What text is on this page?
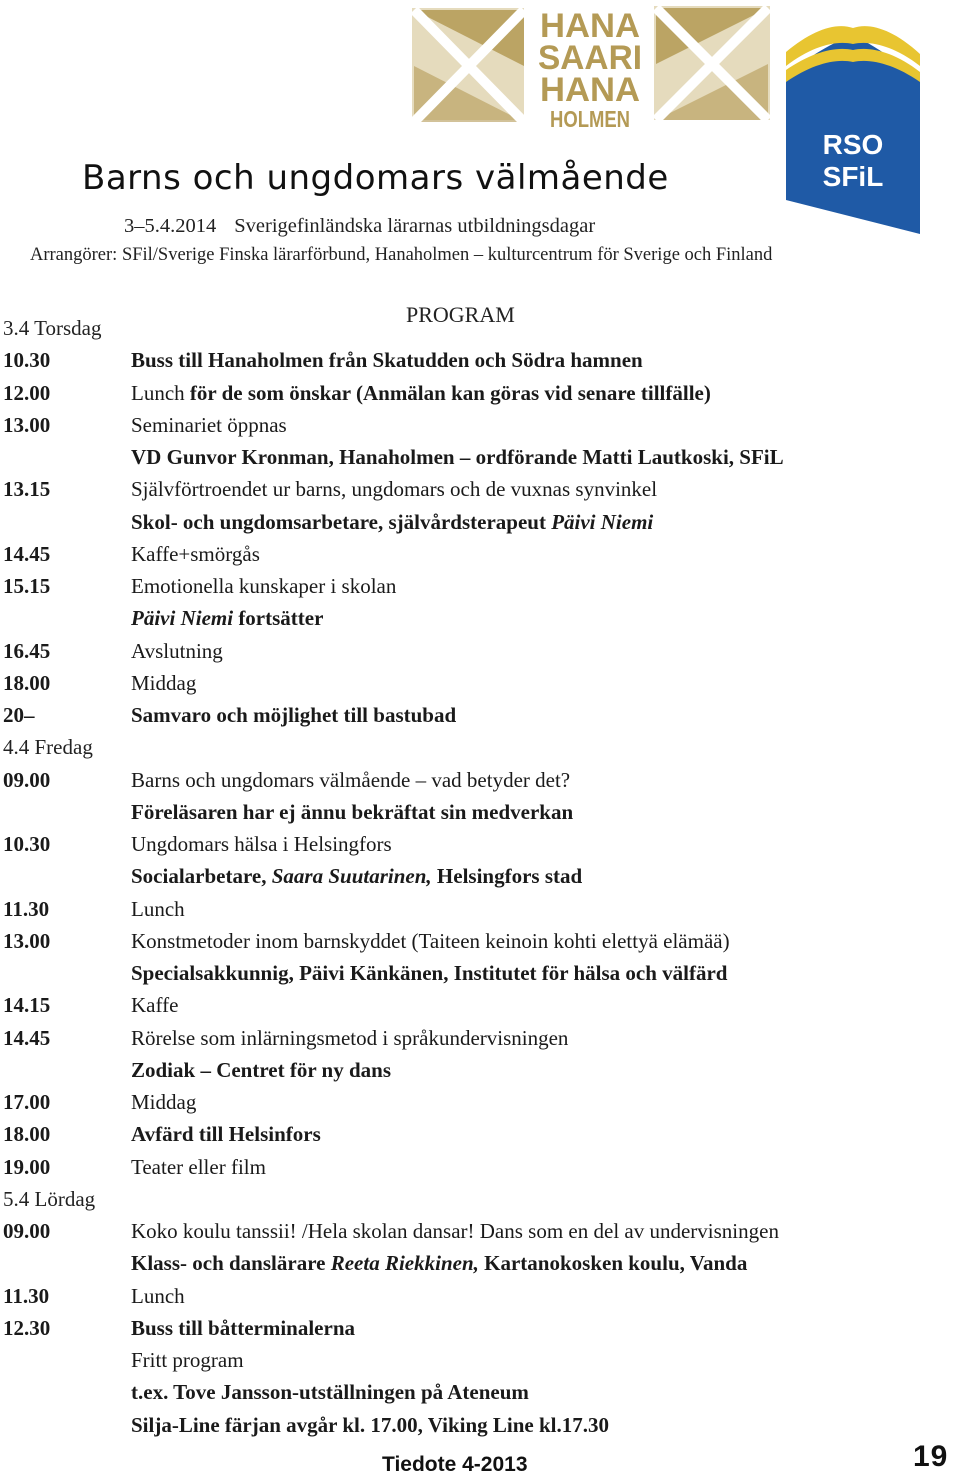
HANA
SAARI
HANA
HOLMEN
RSO
SFiL
Barns och ungdomars välmående
3–5.4.2014 Sverigefinländska lärarnas utbildningsdagar
Arrangörer: SFil/Sverige Finska lärarförbund, Hanaholmen – kulturcentrum för Sverige och Finland
PROGRAM
3.4 Torsdag
10.30	Buss till Hanaholmen från Skatudden och Södra hamnen
12.00	Lunch för de som önskar (Anmälan kan göras vid senare tillfälle)
13.00	Seminariet öppnas
VD Gunvor Kronman, Hanaholmen – ordförande Matti Lautkoski, SFiL
13.15	Självförtroendet ur barns, ungdomars och de vuxnas synvinkel
Skol- och ungdomsarbetare, självårdsterapeut Päivi Niemi
14.45	Kaffe+smörgås
15.15	Emotionella kunskaper i skolan
Päivi Niemi fortsätter
16.45	Avslutning
18.00	Middag
20–	Samvaro och möjlighet till bastubad
4.4 Fredag
09.00	Barns och ungdomars välmående – vad betyder det?
Föreläsaren har ej ännu bekräftat sin medverkan
10.30	Ungdomars hälsa i Helsingfors
Socialarbetare, Saara Suutarinen, Helsingfors stad
11.30	Lunch
13.00	Konstmetoder inom barnskyddet (Taiteen keinoin kohti elettyä elämää)
Specialsakkunnig, Päivi Känkänen, Institutet för hälsa och välfärd
14.15	Kaffe
14.45	Rörelse som inlärningsmetod i språkundervisningen
Zodiak – Centret för ny dans
17.00	Middag
18.00	Avfärd till Helsinfors
19.00	Teater eller film
5.4 Lördag
09.00	Koko koulu tanssii! /Hela skolan dansar! Dans som en del av undervisningen
Klass- och danslärare Reeta Riekkinen, Kartanokosken koulu, Vanda
11.30	Lunch
12.30	Buss till båtterminalerna
Fritt program
t.ex. Tove Jansson-utställningen på Ateneum
Silja-Line färjan avgår kl. 17.00, Viking Line kl.17.30
Tiedote 4-2013	19
